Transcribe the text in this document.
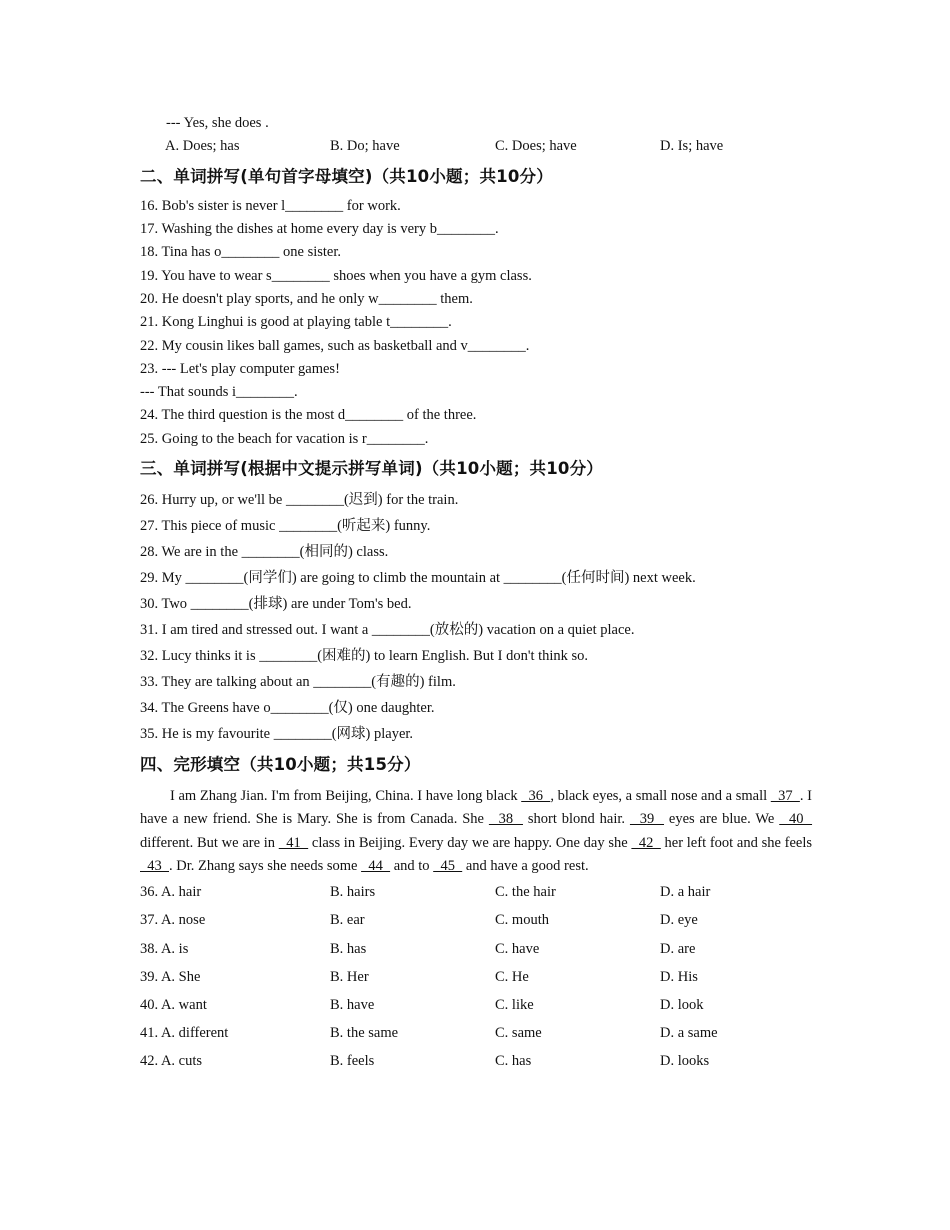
--- Yes, she does .
A. Does; has	B. Do; have	C. Does; have	D. Is; have
二、单词拼写(单句首字母填空)（共10小题；共10分）
16. Bob's sister is never l________ for work.
17. Washing the dishes at home every day is very b________.
18. Tina has o________ one sister.
19. You have to wear s________ shoes when you have a gym class.
20. He doesn't play sports, and he only w________ them.
21. Kong Linghui is good at playing table t________.
22. My cousin likes ball games, such as basketball and v________.
23. --- Let's play computer games!
--- That sounds i________.
24. The third question is the most d________ of the three.
25. Going to the beach for vacation is r________.
三、单词拼写(根据中文提示拼写单词)（共10小题；共10分）
26. Hurry up, or we'll be ________(迟到) for the train.
27. This piece of music ________(听起来) funny.
28. We are in the ________(相同的) class.
29. My ________(同学们) are going to climb the mountain at ________(任何时间) next week.
30. Two ________(排球) are under Tom's bed.
31. I am tired and stressed out. I want a ________(放松的) vacation on a quiet place.
32. Lucy thinks it is ________(困难的) to learn English. But I don't think so.
33. They are talking about an ________(有趣的) film.
34. The Greens have o________(仅) one daughter.
35. He is my favourite ________(网球) player.
四、完形填空（共10小题；共15分）
I am Zhang Jian. I'm from Beijing, China. I have long black   36  , black eyes, a small nose and a small   37  . I have a new friend. She is Mary. She is from Canada. She   38   short blond hair.   39   eyes are blue. We   40   different. But we are in   41   class in Beijing. Every day we are happy. One day she   42   her left foot and she feels   43  . Dr. Zhang says she needs some   44   and to   45   and have a good rest.
36. A. hair	B. hairs	C. the hair	D. a hair
37. A. nose	B. ear	C. mouth	D. eye
38. A. is	B. has	C. have	D. are
39. A. She	B. Her	C. He	D. His
40. A. want	B. have	C. like	D. look
41. A. different	B. the same	C. same	D. a same
42. A. cuts	B. feels	C. has	D. looks
